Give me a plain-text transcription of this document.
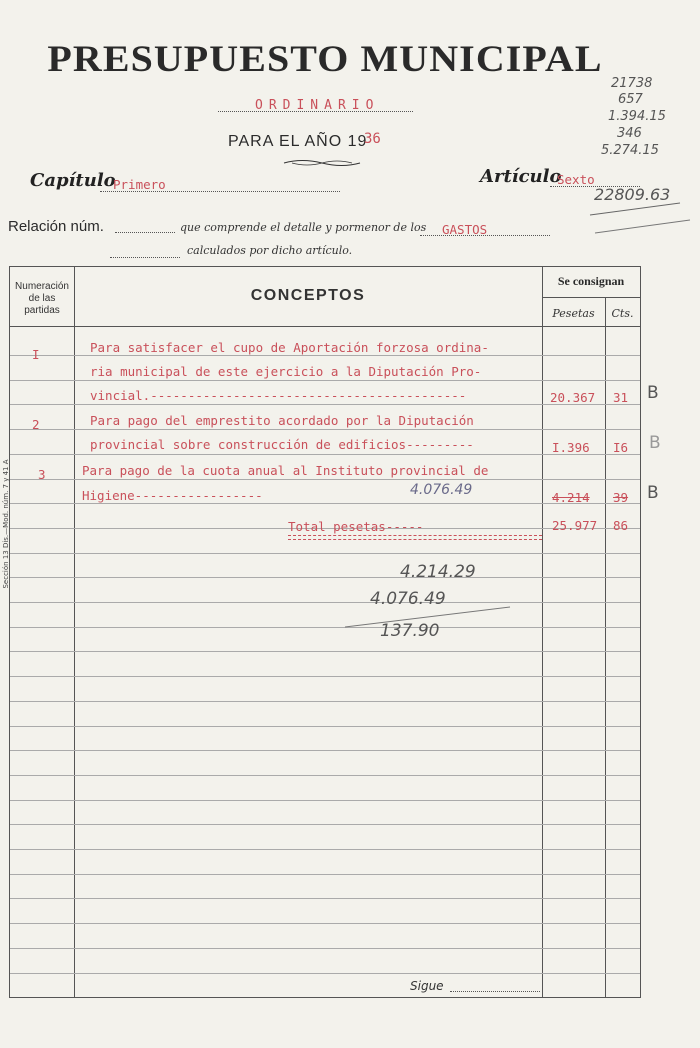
PRESUPUESTO MUNICIPAL
ORDINARIO
PARA EL AÑO 19
36
Capítulo
Primero	Artículo
Sexto
Relación núm.	que comprende el detalle y pormenor de los GASTOS
calculados por dicho artículo.
21738
657
1.394.15
346
5.274.15
22809.63
Numeración de las partidas
CONCEPTOS
Se consignan
Pesetas	Cts.
I	Para satisfacer el cupo de Aportación forzosa ordina-
ria municipal de este ejercicio a la Diputación Pro-
vincial.------------------------------------------	20.367 31
2	Para pago del emprestito acordado por la Diputación
provincial sobre construcción de edificios---------	I.396 I6
3	Para pago de la cuota anual al Instituto provincial de
Higiene-----------------	4.076.49	4.214 39
Total pesetas-----	25.977 86
4.214.29
4.076.49
137.90
Sigue
B
B
B
Sección 13 Dis.—Mod. núm. 7 y 41 A
